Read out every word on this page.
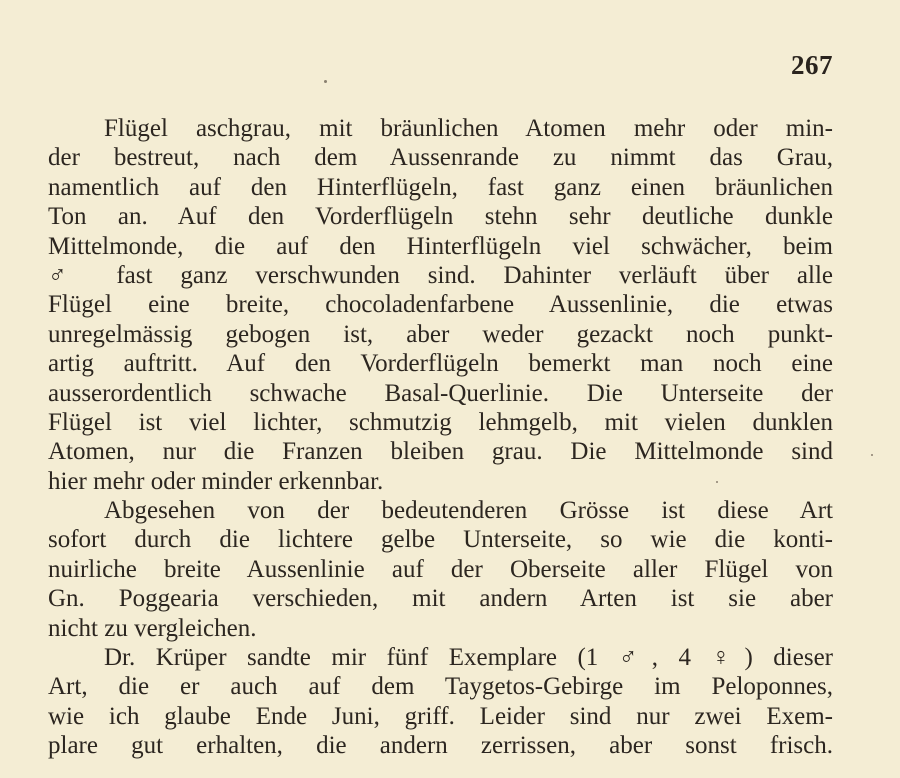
267
Flügel aschgrau, mit bräunlichen Atomen mehr oder min-
der bestreut, nach dem Aussenrande zu nimmt das Grau,
namentlich auf den Hinterflügeln, fast ganz einen bräunlichen
Ton an. Auf den Vorderflügeln stehn sehr deutliche dunkle
Mittelmonde, die auf den Hinterflügeln viel schwächer, beim
♂ fast ganz verschwunden sind. Dahinter verläuft über alle
Flügel eine breite, chocoladenfarbene Aussenlinie, die etwas
unregelmässig gebogen ist, aber weder gezackt noch punkt-
artig auftritt. Auf den Vorderflügeln bemerkt man noch eine
ausserordentlich schwache Basal-Querlinie. Die Unterseite der
Flügel ist viel lichter, schmutzig lehmgelb, mit vielen dunklen
Atomen, nur die Franzen bleiben grau. Die Mittelmonde sind
hier mehr oder minder erkennbar.
Abgesehen von der bedeutenderen Grösse ist diese Art
sofort durch die lichtere gelbe Unterseite, so wie die konti-
nuirliche breite Aussenlinie auf der Oberseite aller Flügel von
Gn. Poggearia verschieden, mit andern Arten ist sie aber
nicht zu vergleichen.
Dr. Krüper sandte mir fünf Exemplare (1 ♂, 4 ♀) dieser
Art, die er auch auf dem Taygetos-Gebirge im Peloponnes,
wie ich glaube Ende Juni, griff. Leider sind nur zwei Exem-
plare gut erhalten, die andern zerrissen, aber sonst frisch.
